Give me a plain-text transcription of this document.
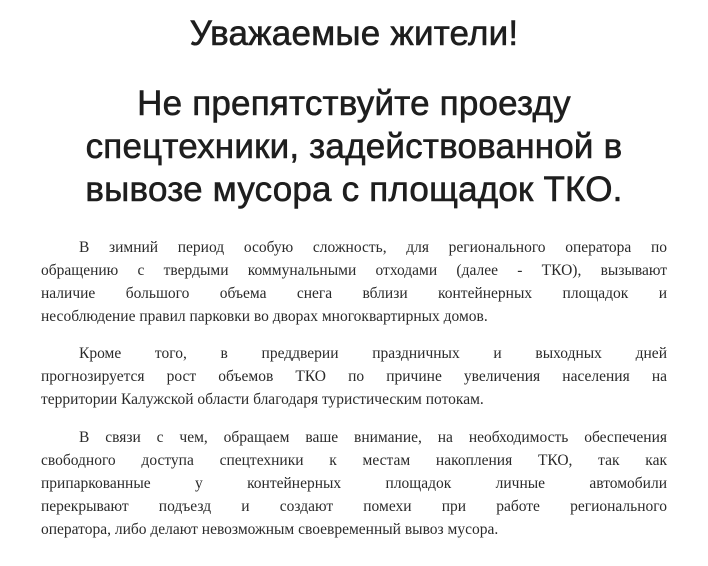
Уважаемые жители!
Не препятствуйте проезду
спецтехники, задействованной в
вывозе мусора с площадок ТКО.
В зимний период особую сложность, для регионального оператора по
обращению с твердыми коммунальными отходами (далее - ТКО), вызывают
наличие большого объема снега вблизи контейнерных площадок и
несоблюдение правил парковки во дворах многоквартирных домов.
Кроме того, в преддверии праздничных и выходных дней
прогнозируется рост объемов ТКО по причине увеличения населения на
территории Калужской области благодаря туристическим потокам.
В связи с чем, обращаем ваше внимание, на необходимость обеспечения
свободного доступа спецтехники к местам накопления ТКО, так как
припаркованные у контейнерных площадок личные автомобили
перекрывают подъезд и создают помехи при работе регионального
оператора, либо делают невозможным своевременный вывоз мусора.
